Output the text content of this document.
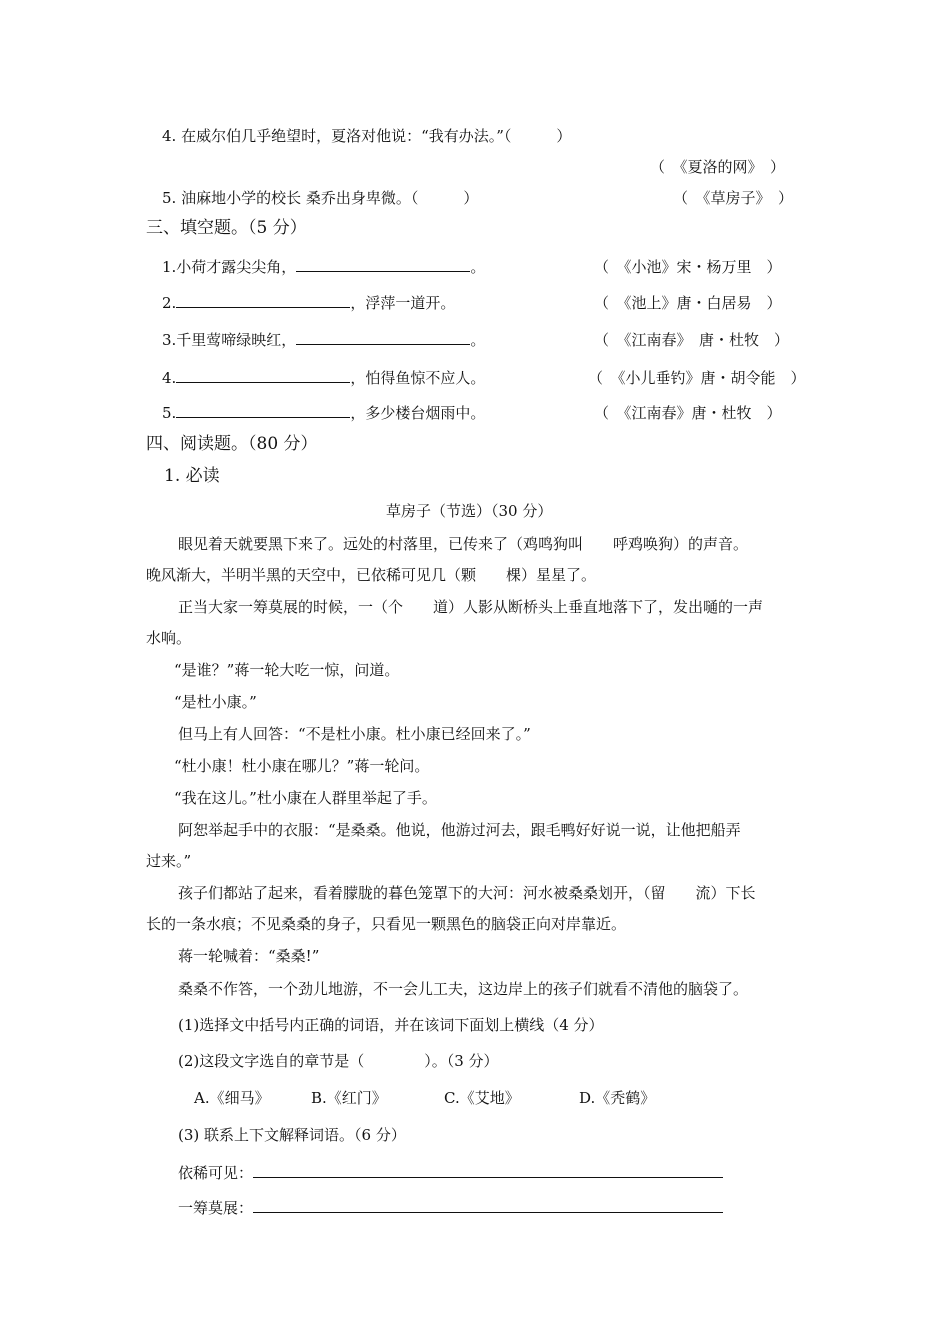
4. 在威尔伯几乎绝望时，夏洛对他说：“我有办法。”（　　　）
（　《夏洛的网》　）
5. 油麻地小学的校长 桑乔出身卑微。（　　　）	（　《草房子》　）
三、填空题。（5 分）
1.小荷才露尖尖角，	。	（　《小池》宋・杨万里　）
2.	，浮萍一道开。	（　《池上》唐・白居易　）
3.千里莺啼绿映红，	。	（　《江南春》　唐・杜牧　）
4.	，怕得鱼惊不应人。	（　《小儿垂钓》唐・胡令能　）
5.	，多少楼台烟雨中。	（　《江南春》唐・杜牧　）
四、阅读题。（80 分）
1. 必读
草房子（节选）（30 分）
眼见着天就要黑下来了。远处的村落里，已传来了（鸡鸣狗叫　　呼鸡唤狗）的声音。
晚风渐大，半明半黑的天空中，已依稀可见几（颗　　棵）星星了。
正当大家一筹莫展的时候，一（个　　道）人影从断桥头上垂直地落下了，发出嗵的一声
水响。
“是谁？”蒋一轮大吃一惊，问道。
“是杜小康。”
但马上有人回答：“不是杜小康。杜小康已经回来了。”
“杜小康！杜小康在哪儿？”蒋一轮问。
“我在这儿。”杜小康在人群里举起了手。
阿恕举起手中的衣服：“是桑桑。他说，他游过河去，跟毛鸭好好说一说，让他把船弄
过来。”
孩子们都站了起来，看着朦胧的暮色笼罩下的大河：河水被桑桑划开，（留　　流）下长
长的一条水痕；不见桑桑的身子，只看见一颗黑色的脑袋正向对岸靠近。
蒋一轮喊着：“桑桑!”
桑桑不作答，一个劲儿地游，不一会儿工夫，这边岸上的孩子们就看不清他的脑袋了。
(1)选择文中括号内正确的词语，并在该词下面划上横线（4 分）
(2)这段文字选自的章节是（　　　　）。（3 分）
A.《细马》	B.《红门》	C.《艾地》	D.《秃鹤》
(3) 联系上下文解释词语。（6 分）
依稀可见：
一筹莫展：
